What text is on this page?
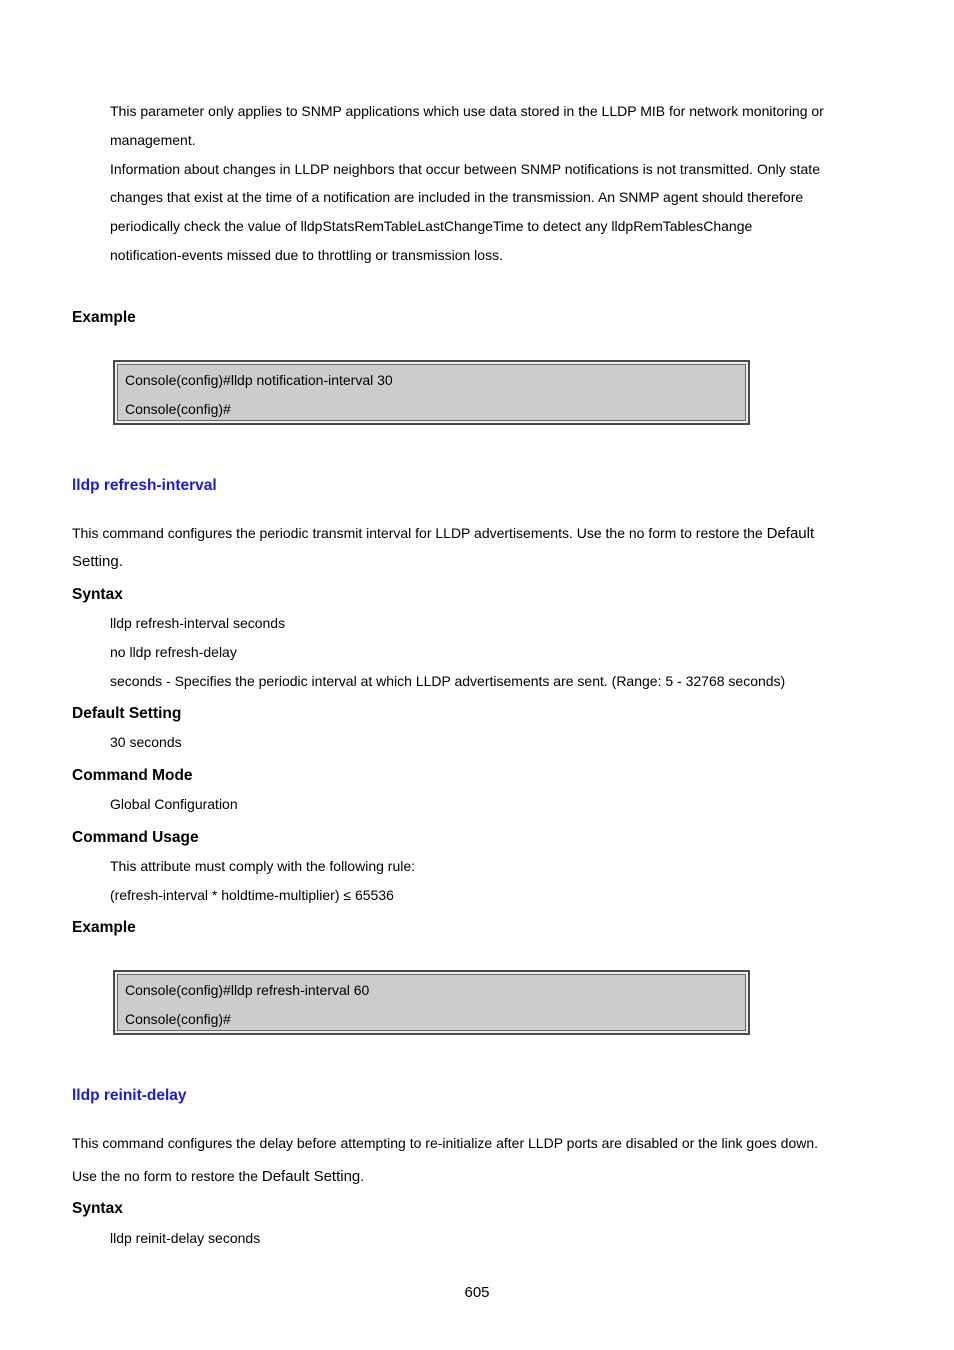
This parameter only applies to SNMP applications which use data stored in the LLDP MIB for network monitoring or

management.

Information about changes in LLDP neighbors that occur between SNMP notifications is not transmitted. Only state

changes that exist at the time of a notification are included in the transmission. An SNMP agent should therefore

periodically check the value of lldpStatsRemTableLastChangeTime to detect any lldpRemTablesChange

notification-events missed due to throttling or transmission loss.

Example
Console(config)#lldp notification-interval 30
Console(config)#
lldp refresh-interval

This command configures the periodic transmit interval for LLDP advertisements. Use the no form to restore the Default

Setting.

Syntax

lldp refresh-interval seconds

no lldp refresh-delay

seconds - Specifies the periodic interval at which LLDP advertisements are sent. (Range: 5 - 32768 seconds)

Default Setting

30 seconds

Command Mode

Global Configuration

Command Usage

This attribute must comply with the following rule:

(refresh-interval * holdtime-multiplier) ≤ 65536

Example
Console(config)#lldp refresh-interval 60
Console(config)#
lldp reinit-delay

This command configures the delay before attempting to re-initialize after LLDP ports are disabled or the link goes down.

Use the no form to restore the Default Setting.

Syntax

lldp reinit-delay seconds

605
